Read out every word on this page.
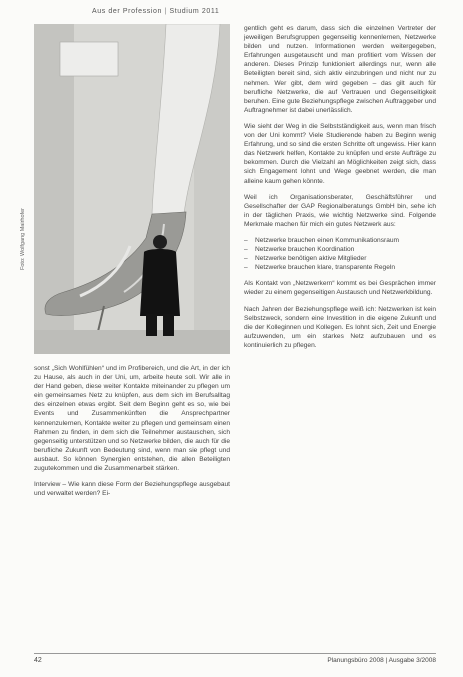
Aus der Profession | Studium 2011
Foto: Wolfgang Mairhofer

sonst „Sich Wohlfühlen“ und im Profibereich, und die Art, in der ich zu Hause, als auch in der Uni, um, arbeite heute soll. Wir alle in der Hand geben, diese weiter Kontakte miteinander zu pflegen um ein gemeinsames Netz zu knüpfen, aus dem sich im Berufsalltag des einzelnen etwas ergibt. Seit dem Beginn geht es so, wie bei Events und Zusammenkünften die Ansprechpartner kennenzulernen, Kontakte weiter zu pflegen und gemeinsam einen Rahmen zu finden, in dem sich die Teilnehmer austauschen, sich gegenseitig unterstützen und so Netzwerke bilden, die auch für die berufliche Zukunft von Bedeutung sind, wenn man sie pflegt und ausbaut. So können Synergien entstehen, die allen Beteiligten zugutekommen und die Zusammenarbeit stärken.

Interview – Wie kann diese Form der Beziehungspflege ausgebaut und verwaltet werden? Ei-

gentlich geht es darum, dass sich die einzelnen Vertreter der jeweiligen Berufsgruppen gegenseitig kennenlernen, Netzwerke bilden und nutzen. Informationen werden weitergegeben, Erfahrungen ausgetauscht und man profitiert vom Wissen der anderen. Dieses Prinzip funktioniert allerdings nur, wenn alle Beteiligten bereit sind, sich aktiv einzubringen und nicht nur zu nehmen. Wer gibt, dem wird gegeben – das gilt auch für berufliche Netzwerke, die auf Vertrauen und Gegenseitigkeit beruhen. Eine gute Beziehungspflege zwischen Auftraggeber und Auftragnehmer ist dabei unerlässlich.

Wie sieht der Weg in die Selbstständigkeit aus, wenn man frisch von der Uni kommt? Viele Studierende haben zu Beginn wenig Erfahrung, und so sind die ersten Schritte oft ungewiss. Hier kann das Netzwerk helfen, Kontakte zu knüpfen und erste Aufträge zu bekommen. Durch die Vielzahl an Möglichkeiten zeigt sich, dass sich Engagement lohnt und Wege geebnet werden, die man alleine kaum gehen könnte.

Weil ich Organisationsberater, Geschäftsführer und Gesellschafter der GAP Regionalberatungs GmbH bin, sehe ich in der täglichen Praxis, wie wichtig Netzwerke sind. Folgende Merkmale machen für mich ein gutes Netzwerk aus:

– Netzwerke brauchen einen Kommunikationsraum
– Netzwerke brauchen Koordination
– Netzwerke benötigen aktive Mitglieder
– Netzwerke brauchen klare, transparente Regeln

Als Kontakt von „Netzwerkern“ kommt es bei Gesprächen immer wieder zu einem gegenseitigen Austausch und Netzwerkbildung.

Nach Jahren der Beziehungspflege weiß ich: Netzwerken ist kein Selbstzweck, sondern eine Investition in die eigene Zukunft und die der Kolleginnen und Kollegen. Es lohnt sich, Zeit und Energie aufzuwenden, um ein starkes Netz aufzubauen und es kontinuierlich zu pflegen.

42	Planungsbüro 2008 | Ausgabe 3/2008
